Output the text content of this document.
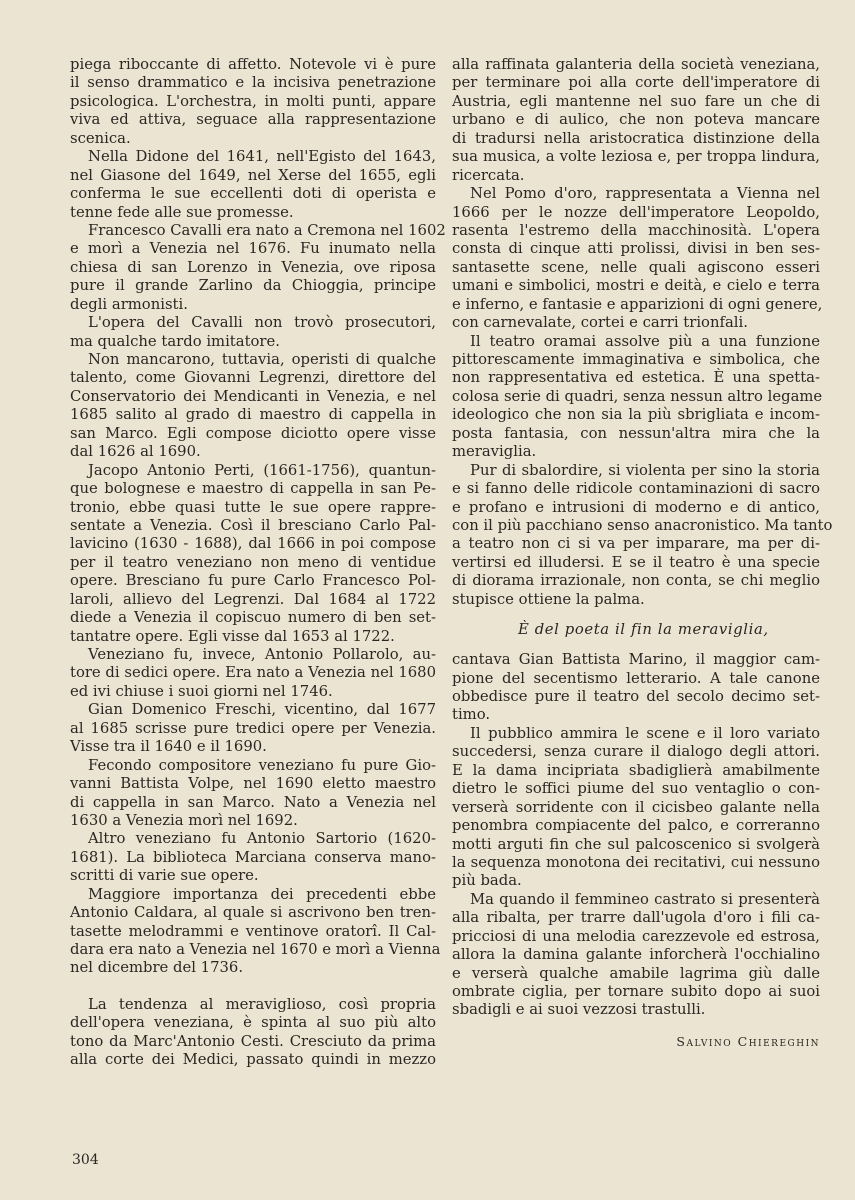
piega riboccante di affetto. Notevole vi è pure
il senso drammatico e la incisiva penetrazione
psicologica. L'orchestra, in molti punti, appare
viva ed attiva, seguace alla rappresentazione
scenica.
Nella Didone del 1641, nell'Egisto del 1643,
nel Giasone del 1649, nel Xerse del 1655, egli
conferma le sue eccellenti doti di operista e
tenne fede alle sue promesse.
Francesco Cavalli era nato a Cremona nel 1602
e morì a Venezia nel 1676. Fu inumato nella
chiesa di san Lorenzo in Venezia, ove riposa
pure il grande Zarlino da Chioggia, principe
degli armonisti.
L'opera del Cavalli non trovò prosecutori,
ma qualche tardo imitatore.
Non mancarono, tuttavia, operisti di qualche
talento, come Giovanni Legrenzi, direttore del
Conservatorio dei Mendicanti in Venezia, e nel
1685 salito al grado di maestro di cappella in
san Marco. Egli compose diciotto opere visse
dal 1626 al 1690.
Jacopo Antonio Perti, (1661-1756), quantun-
que bolognese e maestro di cappella in san Pe-
tronio, ebbe quasi tutte le sue opere rappre-
sentate a Venezia. Così il bresciano Carlo Pal-
lavicino (1630 - 1688), dal 1666 in poi compose
per il teatro veneziano non meno di ventidue
opere. Bresciano fu pure Carlo Francesco Pol-
laroli, allievo del Legrenzi. Dal 1684 al 1722
diede a Venezia il copiscuo numero di ben set-
tantatre opere. Egli visse dal 1653 al 1722.
Veneziano fu, invece, Antonio Pollarolo, au-
tore di sedici opere. Era nato a Venezia nel 1680
ed ivi chiuse i suoi giorni nel 1746.
Gian Domenico Freschi, vicentino, dal 1677
al 1685 scrisse pure tredici opere per Venezia.
Visse tra il 1640 e il 1690.
Fecondo compositore veneziano fu pure Gio-
vanni Battista Volpe, nel 1690 eletto maestro
di cappella in san Marco. Nato a Venezia nel
1630 a Venezia morì nel 1692.
Altro veneziano fu Antonio Sartorio (1620-
1681). La biblioteca Marciana conserva mano-
scritti di varie sue opere.
Maggiore importanza dei precedenti ebbe
Antonio Caldara, al quale si ascrivono ben tren-
tasette melodrammi e ventinove oratorî. Il Cal-
dara era nato a Venezia nel 1670 e morì a Vienna
nel dicembre del 1736.
La tendenza al meraviglioso, così propria
dell'opera veneziana, è spinta al suo più alto
tono da Marc'Antonio Cesti. Cresciuto da prima
alla corte dei Medici, passato quindi in mezzo
alla raffinata galanteria della società veneziana,
per terminare poi alla corte dell'imperatore di
Austria, egli mantenne nel suo fare un che di
urbano e di aulico, che non poteva mancare
di tradursi nella aristocratica distinzione della
sua musica, a volte leziosa e, per troppa lindura,
ricercata.
Nel Pomo d'oro, rappresentata a Vienna nel
1666 per le nozze dell'imperatore Leopoldo,
rasenta l'estremo della macchinosità. L'opera
consta di cinque atti prolissi, divisi in ben ses-
santasette scene, nelle quali agiscono esseri
umani e simbolici, mostri e deità, e cielo e terra
e inferno, e fantasie e apparizioni di ogni genere,
con carnevalate, cortei e carri trionfali.
Il teatro oramai assolve più a una funzione
pittorescamente immaginativa e simbolica, che
non rappresentativa ed estetica. È una spetta-
colosa serie di quadri, senza nessun altro legame
ideologico che non sia la più sbrigliata e incom-
posta fantasia, con nessun'altra mira che la
meraviglia.
Pur di sbalordire, si violenta per sino la storia
e si fanno delle ridicole contaminazioni di sacro
e profano e intrusioni di moderno e di antico,
con il più pacchiano senso anacronistico. Ma tanto
a teatro non ci si va per imparare, ma per di-
vertirsi ed illudersi. E se il teatro è una specie
di diorama irrazionale, non conta, se chi meglio
stupisce ottiene la palma.
È del poeta il fin la meraviglia,
cantava Gian Battista Marino, il maggior cam-
pione del secentismo letterario. A tale canone
obbedisce pure il teatro del secolo decimo set-
timo.
Il pubblico ammira le scene e il loro variato
succedersi, senza curare il dialogo degli attori.
E la dama incipriata sbadiglierà amabilmente
dietro le soffici piume del suo ventaglio o con-
verserà sorridente con il cicisbeo galante nella
penombra compiacente del palco, e correranno
motti arguti fin che sul palcoscenico si svolgerà
la sequenza monotona dei recitativi, cui nessuno
più bada.
Ma quando il femmineo castrato si presenterà
alla ribalta, per trarre dall'ugola d'oro i fili ca-
pricciosi di una melodia carezzevole ed estrosa,
allora la damina galante inforcherà l'occhialino
e verserà qualche amabile lagrima giù dalle
ombrate ciglia, per tornare subito dopo ai suoi
sbadigli e ai suoi vezzosi trastulli.
Salvino Chiereghin
304
